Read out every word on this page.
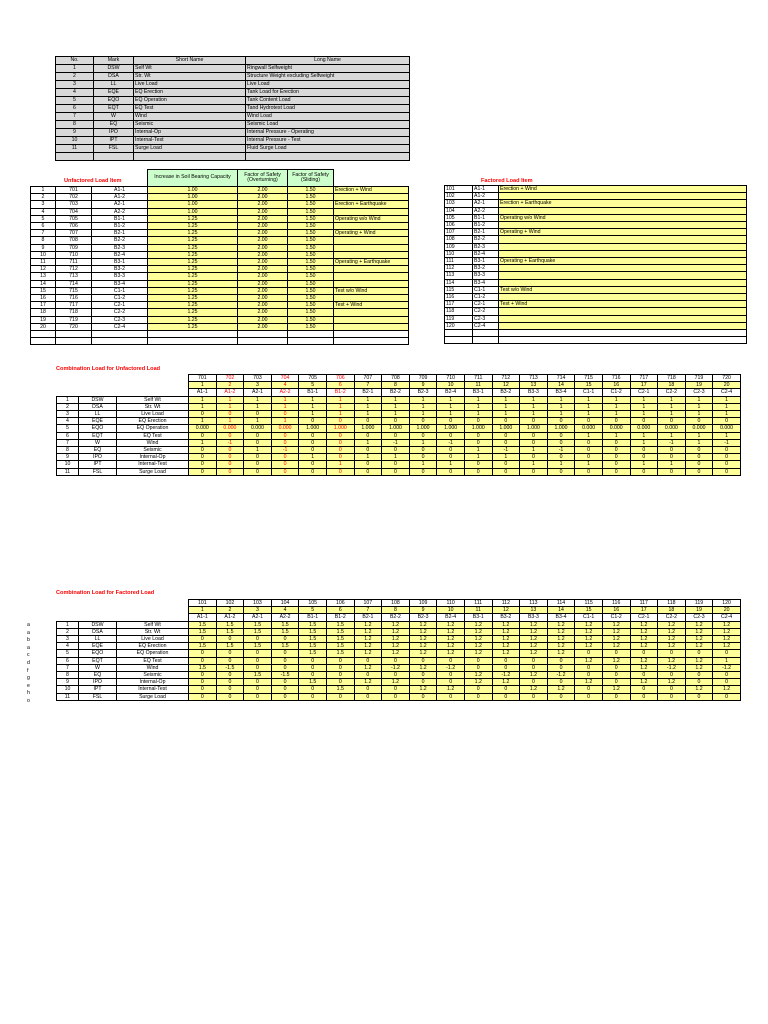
No.	Mark	Short Name	Long Name
1	DSW	Self Wt	Ringwall Selfweight
2	DSA	Str. Wt	Structure Weight excluding Selfweight
3	LL	Live Load	Live Load
4	EQE	EQ Erection	Tank Load for Erection
5	EQO	EQ Operation	Tank Content Load
6	EQT	EQ Test	Tand Hydrotest Load
7	W	Wind	Wind Load
8	EQ	Seismic	Seismic Load
9	IPO	Internal-Op	Internal Pressure - Operating
10	IPT	Internal-Test	Internal Pressure - Test
11	FSL	Surge Load	Fluid Surge Load

Unfactored Load Item
			Increase in Soil Bearing Capacity	Factor of Safety (Overturning)	Factor of Safety (Sliding)	
1	701	A1-1	1.00	2.00	1.50	Erection + Wind
2	702	A1-2	1.00	2.00	1.50	
3	703	A2-1	1.00	2.00	1.50	Erection + Earthquake
4	704	A2-2	1.00	2.00	1.50	
5	705	B1-1	1.25	2.00	1.50	Operating w/o Wind
6	706	B1-2	1.25	2.00	1.50	
7	707	B2-1	1.25	2.00	1.50	Operating + Wind
8	708	B2-2	1.25	2.00	1.50	
9	709	B2-3	1.25	2.00	1.50	
10	710	B2-4	1.25	2.00	1.50	
11	711	B3-1	1.25	2.00	1.50	Operating + Earthquake
12	712	B3-2	1.25	2.00	1.50	
13	713	B3-3	1.25	2.00	1.50	
14	714	B3-4	1.25	2.00	1.50	
15	715	C1-1	1.25	2.00	1.50	Test w/o Wind
16	716	C1-2	1.25	2.00	1.50	
17	717	C2-1	1.25	2.00	1.50	Test + Wind
18	718	C2-2	1.25	2.00	1.50	
19	719	C2-3	1.25	2.00	1.50	
20	720	C2-4	1.25	2.00	1.50	

Factored Load Item
101	A1-1	Erection + Wind
102	A1-2	
103	A2-1	Erection + Earthquake
104	A2-2	
105	B1-1	Operating w/o Wind
106	B1-2	
107	B2-1	Operating + Wind
108	B2-2	
109	B2-3	
110	B2-4	
111	B3-1	Operating + Earthquake
112	B3-2	
113	B3-3	
114	B3-4	
115	C1-1	Test w/o Wind
116	C1-2	
117	C2-1	Test + Wind
118	C2-2	
119	C2-3	
120	C2-4	

Combination Load for Unfactored Load
			701	702	703	704	705	706	707	708	709	710	711	712	713	714	715	716	717	718	719	720
			1	2	3	4	5	6	7	8	9	10	11	12	13	14	15	16	17	18	19	20
			A1-1	A1-2	A2-1	A2-2	B1-1	B1-2	B2-1	B2-2	B2-3	B2-4	B3-1	B3-2	B3-3	B3-4	C1-1	C1-2	C2-1	C2-2	C2-3	C2-4
1	DSW	Self Wt	1	1	1	1	1	1	1	1	1	1	1	1	1	1	1	1	1	1	1	1
2	DSA	Str. Wt	1	1	1	1	1	1	1	1	1	1	1	1	1	1	1	1	1	1	1	1
3	LL	Live Load	0	0	0	0	1	1	1	1	1	1	1	1	1	1	1	1	1	1	1	1
4	EQE	EQ Erection	1	1	1	1	0	0	0	0	0	0	0	0	0	0	0	0	0	0	0	0
5	EQO	EQ Operation	0.000	0.000	0.000	0.000	1.000	1.000	1.000	1.000	1.000	1.000	1.000	1.000	1.000	1.000	0.000	0.000	0.000	0.000	0.000	0.000
6	EQT	EQ Test	0	0	0	0	0	0	0	0	0	0	0	0	0	0	1	1	1	1	1	1
7	W	Wind	1	-1	0	0	0	0	1	-1	1	-1	0	0	0	0	0	0	1	-1	1	-1
8	EQ	Seismic	0	0	1	-1	0	0	0	0	0	0	1	-1	1	-1	0	0	0	0	0	0
9	IPO	Internal-Op	0	0	0	0	1	0	1	1	0	0	1	1	0	0	0	0	0	0	0	0
10	IPT	Internal-Test	0	0	0	0	0	1	0	0	1	1	0	0	1	1	1	0	1	1	0	0
11	FSL	Surge Load	0	0	0	0	0	0	0	0	0	0	0	0	0	0	0	0	0	0	0	0
Combination Load for Factored Load
a
a
b
a
c
d
f
g
e
h
o
			101	102	103	104	105	106	107	108	109	110	111	112	113	114	115	116	117	118	119	120
			1	2	3	4	5	6	7	8	9	10	11	12	13	14	15	16	17	18	19	20
			A1-1	A1-2	A2-1	A2-2	B1-1	B1-2	B2-1	B2-2	B2-3	B2-4	B3-1	B3-2	B3-3	B3-4	C1-1	C1-2	C2-1	C2-2	C2-3	C2-4
1	DSW	Self Wt	1.5	1.5	1.5	1.5	1.5	1.5	1.2	1.2	1.2	1.2	1.2	1.2	1.2	1.2	1.2	1.2	1.2	1.2	1.2	1.2
2	DSA	Str. Wt	1.5	1.5	1.5	1.5	1.5	1.5	1.2	1.2	1.2	1.2	1.2	1.2	1.2	1.2	1.2	1.2	1.2	1.2	1.2	1.2
3	LL	Live Load	0	0	0	0	1.5	1.5	1.2	1.2	1.2	1.2	1.2	1.2	1.2	1.2	1.2	1.2	1.2	1.2	1.2	1.2
4	EQE	EQ Erection	1.5	1.5	1.5	1.5	1.5	1.5	1.2	1.2	1.2	1.2	1.2	1.2	1.2	1.2	1.2	1.2	1.2	1.2	1.2	1.2
5	EQO	EQ Operation	0	0	0	0	1.5	1.5	1.2	1.2	1.2	1.2	1.2	1.2	1.2	1.2	0	0	0	0	0	0
6	EQT	EQ Test	0	0	0	0	0	0	0	0	0	0	0	0	0	0	1.2	1.2	1.2	1.2	1.2	1
7	W	Wind	1.5	-1.5	0	0	0	0	1.2	-1.2	1.2	-1.2	0	0	0	0	0	0	1.2	-1.2	1.2	-1.2
8	EQ	Seismic	0	0	1.5	-1.5	0	0	0	0	0	0	1.2	-1.2	1.2	-1.2	0	0	0	0	0	0
9	IPO	Internal-Op	0	0	0	0	1.5	0	1.2	1.2	0	0	1.2	1.2	0	0	1.2	0	1.2	1.2	0	0
10	IPT	Internal-Test	0	0	0	0	0	1.5	0	0	1.2	1.2	0	0	1.2	1.2	0	1.2	0	0	1.2	1.2
11	FSL	Surge Load	0	0	0	0	0	0	0	0	0	0	0	0	0	0	0	0	0	0	0	0
